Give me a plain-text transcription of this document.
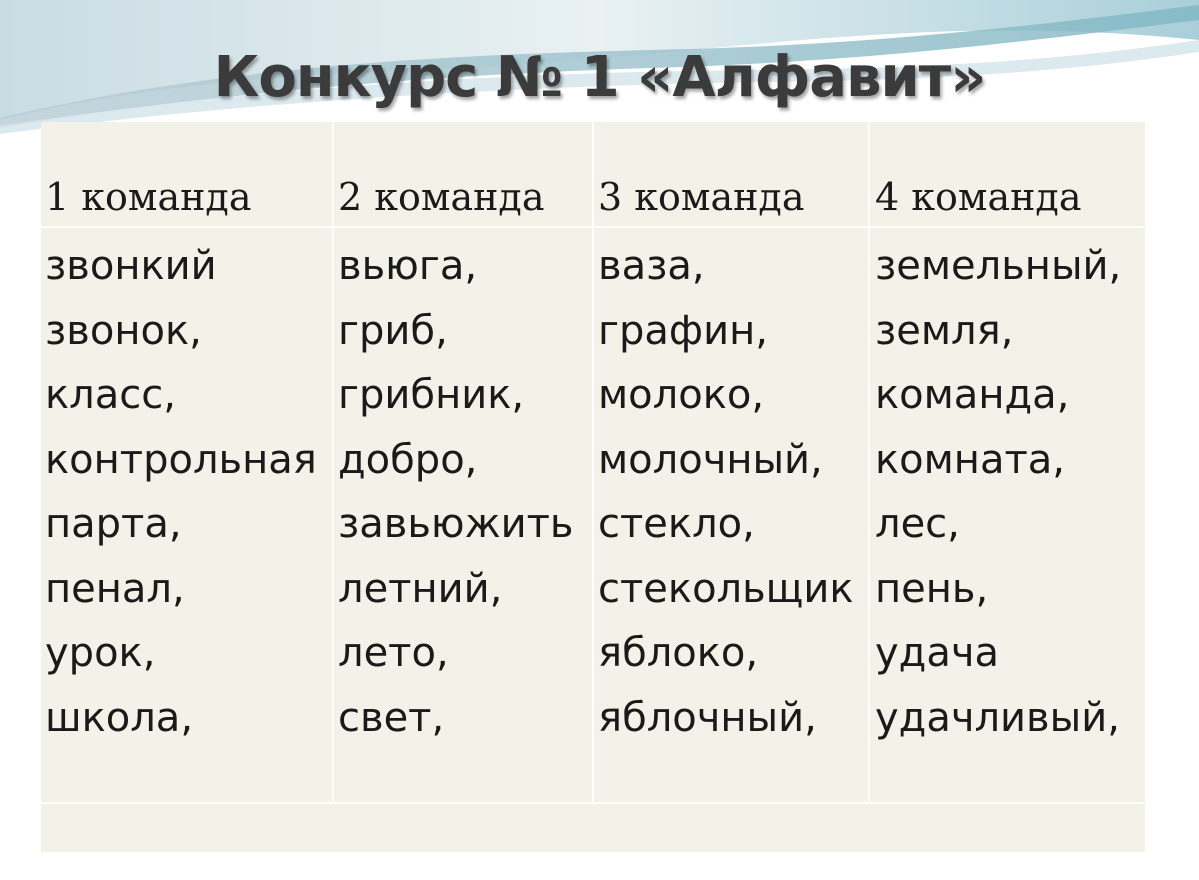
Конкурс № 1 «Алфавит»
1 команда
звонкий
звонок,
класс,
контрольная
парта,
пенал,
урок,
школа,
2 команда
вьюга,
гриб,
грибник,
добро,
завьюжить
летний,
лето,
свет,
3 команда
ваза,
графин,
молоко,
молочный,
стекло,
стекольщик
яблоко,
яблочный,
4 команда
земельный,
земля,
команда,
комната,
лес,
пень,
удача
удачливый,
